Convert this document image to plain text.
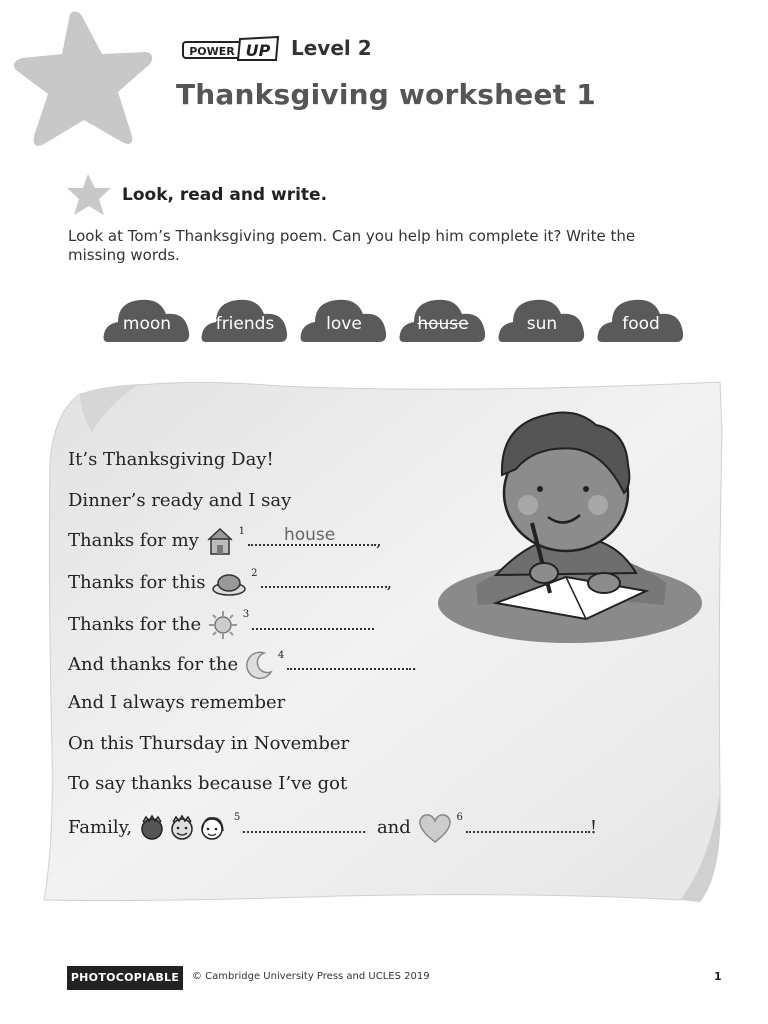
POWER UP Level 2
Thanksgiving worksheet 1
Look, read and write.
Look at Tom’s Thanksgiving poem. Can you help him complete it? Write the missing words.
moon	friends	love	house	sun	food
It’s Thanksgiving Day!
Dinner’s ready and I say
Thanks for my	$^1$ house ,
Thanks for this	$^2$	,
Thanks for the	$^3$
And thanks for the	$^4$	.
And I always remember
On this Thursday in November
To say thanks because I’ve got
Family,	$^5$	and	$^6$	!
PHOTOCOPIABLE	© Cambridge University Press and UCLES 2019	1
